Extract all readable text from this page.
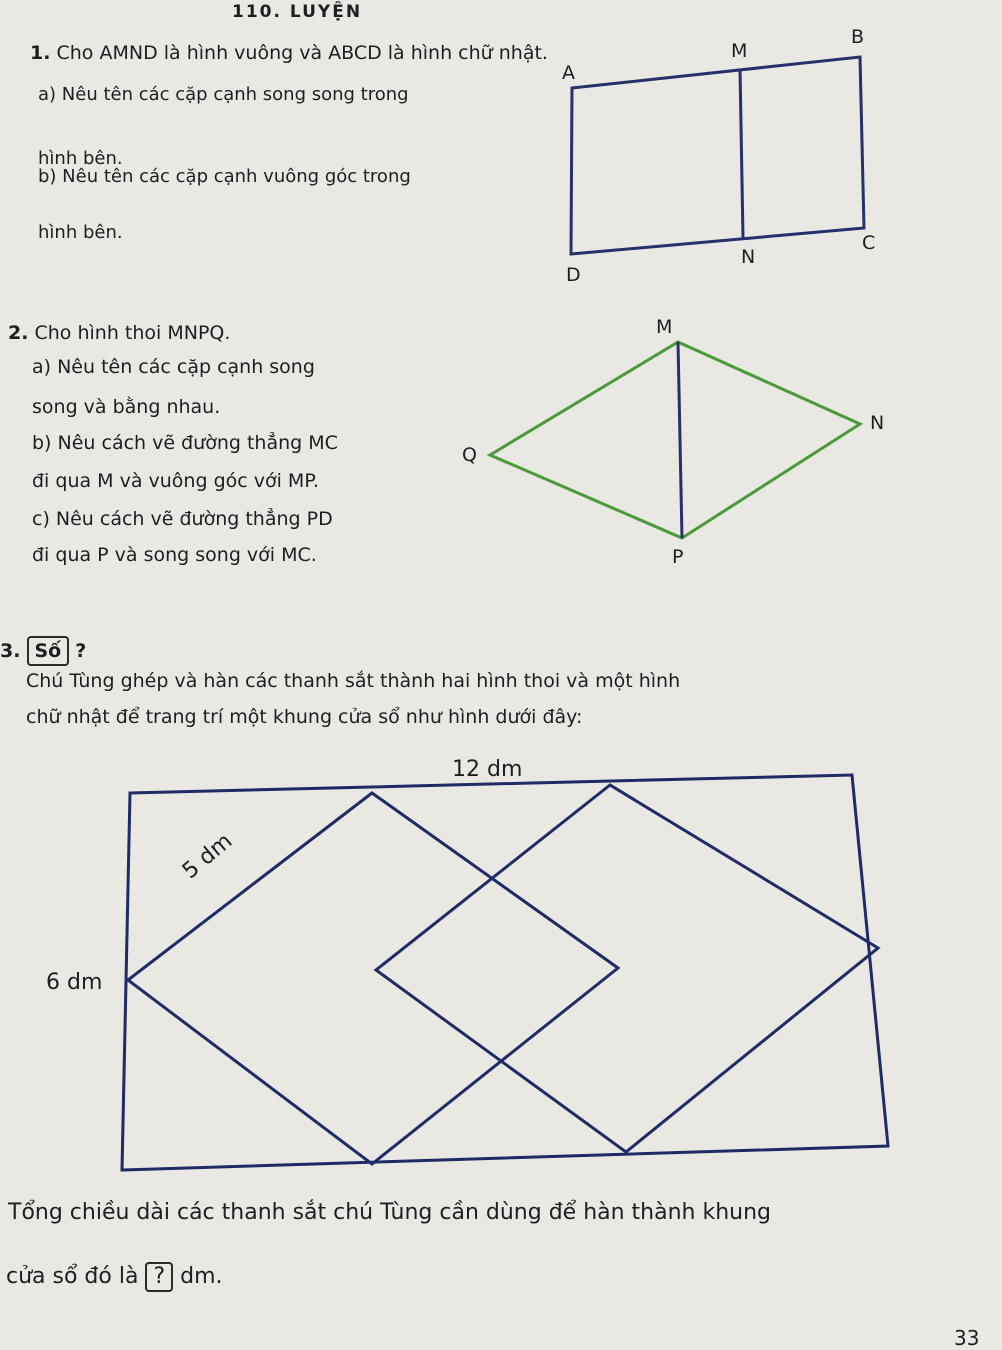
110. LUYỆN
1. Cho AMND là hình vuông và ABCD là hình chữ nhật.
a) Nêu tên các cặp cạnh song song trong
hình bên.
b) Nêu tên các cặp cạnh vuông góc trong
hình bên.
A
M
B
D
N
C
2. Cho hình thoi MNPQ.
a) Nêu tên các cặp cạnh song
song và bằng nhau.
b) Nêu cách vẽ đường thẳng MC
đi qua M và vuông góc với MP.
c) Nêu cách vẽ đường thẳng PD
đi qua P và song song với MC.
M
N
P
Q
3. Số ?
Chú Tùng ghép và hàn các thanh sắt thành hai hình thoi và một hình
chữ nhật để trang trí một khung cửa sổ như hình dưới đây:
12 dm
6 dm
5 dm
Tổng chiều dài các thanh sắt chú Tùng cần dùng để hàn thành khung
cửa sổ đó là ? dm.
33
